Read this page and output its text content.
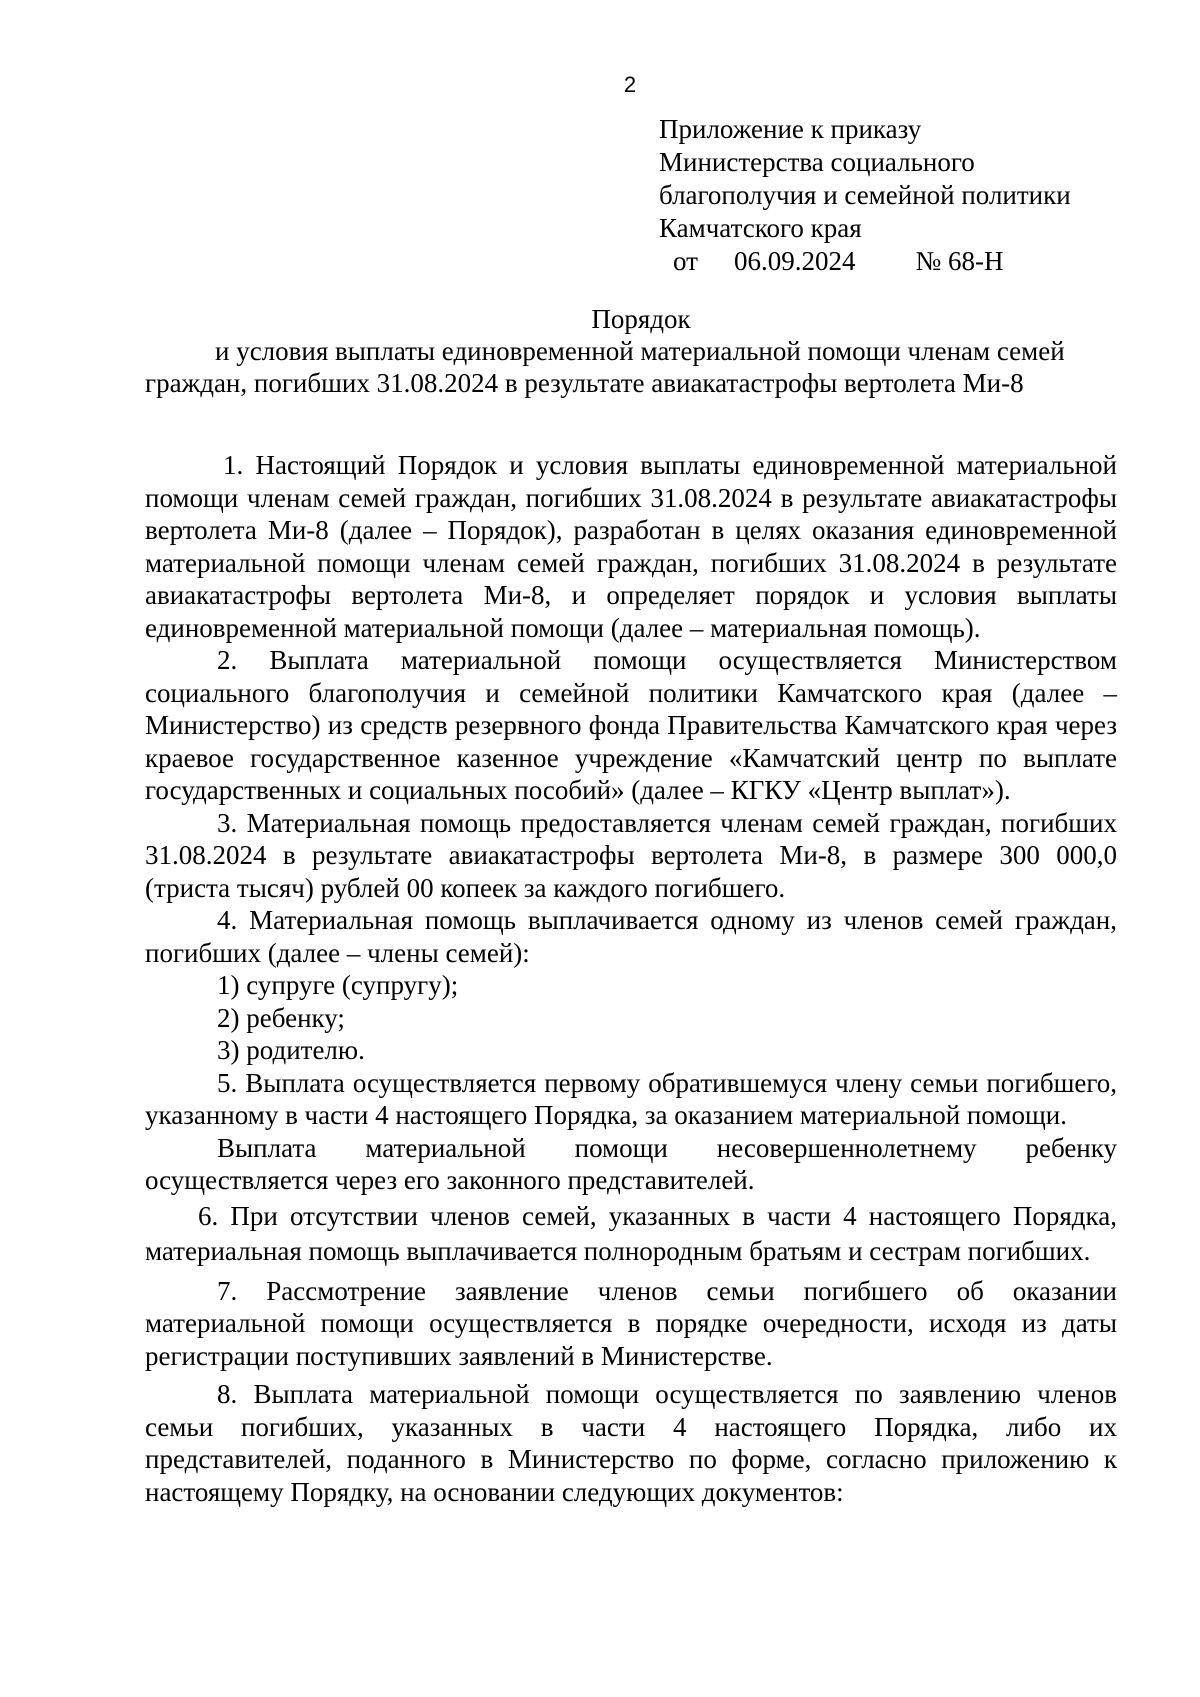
2
Приложение к приказу
Министерства социального
благополучия и семейной политики
Камчатского края
от 06.09.2024 № 68-Н
Порядок
и условия выплаты единовременной материальной помощи членам семей
граждан, погибших 31.08.2024 в результате авиакатастрофы вертолета Ми-8

1. Настоящий Порядок и условия выплаты единовременной материальной помощи членам семей граждан, погибших 31.08.2024 в результате авиакатастрофы вертолета Ми-8 (далее – Порядок), разработан в целях оказания единовременной материальной помощи членам семей граждан, погибших 31.08.2024 в результате авиакатастрофы вертолета Ми-8, и определяет порядок и условия выплаты единовременной материальной помощи (далее – материальная помощь).

2. Выплата материальной помощи осуществляется Министерством социального благополучия и семейной политики Камчатского края (далее – Министерство) из средств резервного фонда Правительства Камчатского края через краевое государственное казенное учреждение «Камчатский центр по выплате государственных и социальных пособий» (далее – КГКУ «Центр выплат»).

3. Материальная помощь предоставляется членам семей граждан, погибших 31.08.2024 в результате авиакатастрофы вертолета Ми-8, в размере 300 000,0 (триста тысяч) рублей 00 копеек за каждого погибшего.

4. Материальная помощь выплачивается одному из членов семей граждан, погибших (далее – члены семей):

1) супруге (супругу);

2) ребенку;

3) родителю.

5. Выплата осуществляется первому обратившемуся члену семьи погибшего, указанному в части 4 настоящего Порядка, за оказанием материальной помощи.

Выплата материальной помощи несовершеннолетнему ребенку осуществляется через его законного представителей.

6. При отсутствии членов семей, указанных в части 4 настоящего Порядка, материальная помощь выплачивается полнородным братьям и сестрам погибших.

7. Рассмотрение заявление членов семьи погибшего об оказании материальной помощи осуществляется в порядке очередности, исходя из даты регистрации поступивших заявлений в Министерстве.

8. Выплата материальной помощи осуществляется по заявлению членов семьи погибших, указанных в части 4 настоящего Порядка, либо их представителей, поданного в Министерство по форме, согласно приложению к настоящему Порядку, на основании следующих документов:
